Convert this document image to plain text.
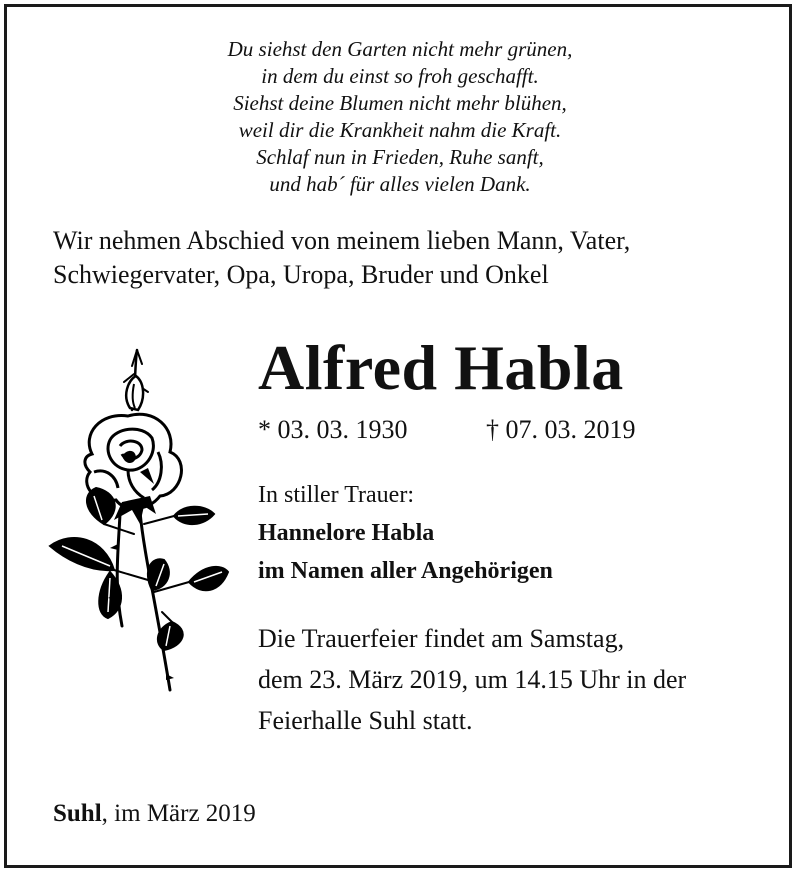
Du siehst den Garten nicht mehr grünen,
in dem du einst so froh geschafft.
Siehst deine Blumen nicht mehr blühen,
weil dir die Krankheit nahm die Kraft.
Schlaf nun in Frieden, Ruhe sanft,
und hab´ für alles vielen Dank.
Wir nehmen Abschied von meinem lieben Mann, Vater,
Schwiegervater, Opa, Uropa, Bruder und Onkel
Alfred Habla
* 03. 03. 1930	† 07. 03. 2019
In stiller Trauer:
Hannelore Habla
im Namen aller Angehörigen
Die Trauerfeier findet am Samstag,
dem 23. März 2019, um 14.15 Uhr in der
Feierhalle Suhl statt.
Suhl, im März 2019
